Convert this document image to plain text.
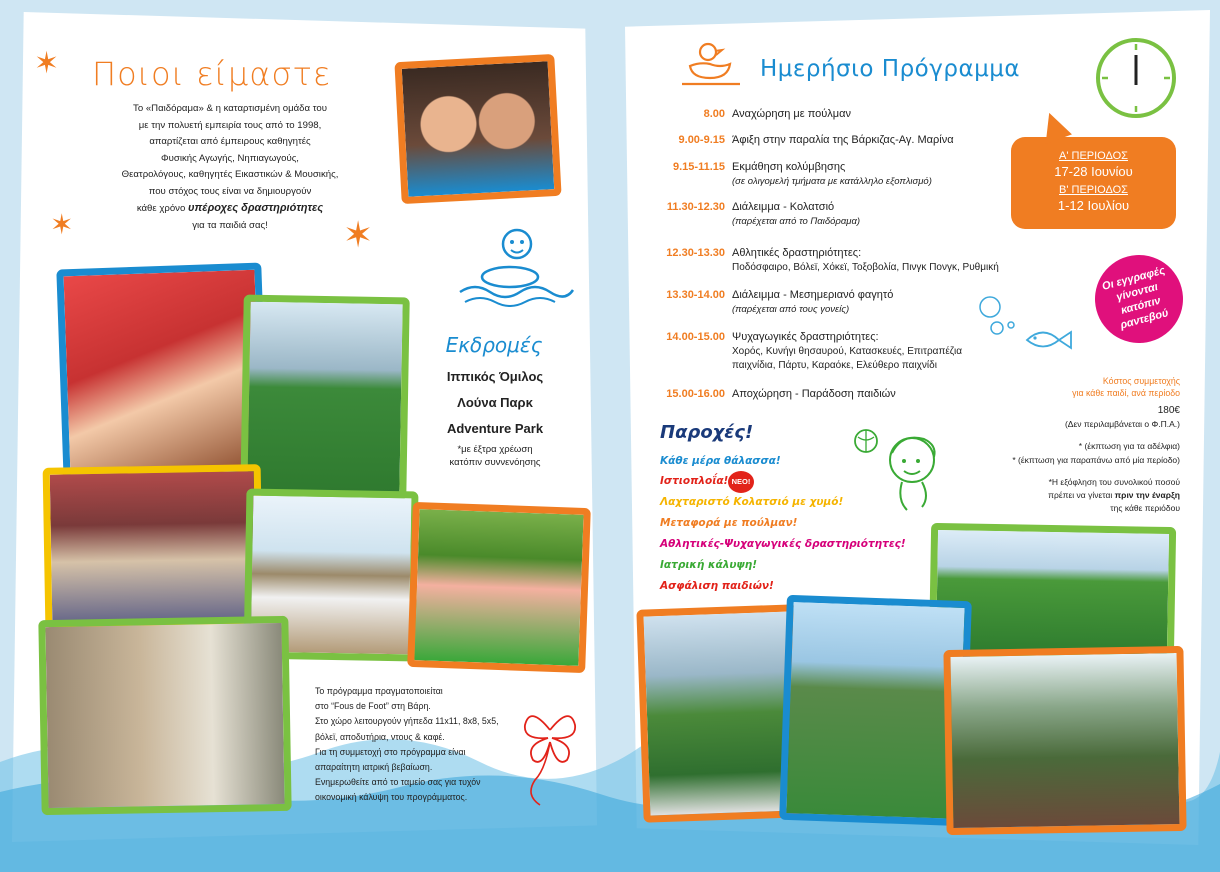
✶
✶	✶
Ποιοι είμαστε

Το «Παιδόραμα» & η καταρτισμένη ομάδα του

με την πολυετή εμπειρία τους από το 1998,

απαρτίζεται από έμπειρους καθηγητές

Φυσικής Αγωγής, Νηπιαγωγούς,

Θεατρολόγους, καθηγητές Εικαστικών & Μουσικής,

που στόχος τους είναι να δημιουργούν

κάθε χρόνο υπέροχες δραστηριότητες

για τα παιδιά σας!

Εκδρομές
Ιππικός Όμιλος
Λούνα Παρκ
Adventure Park
*με έξτρα χρέωση
κατόπιν συννενόησης

Το πρόγραμμα πραγματοποιείται

στο “Fous de Foot” στη Βάρη.

Στο χώρο λειτουργούν γήπεδα 11x11, 8x8, 5x5,

βόλεϊ, αποδυτήρια, ντους & καφέ.

Για τη συμμετοχή στο πρόγραμμα είναι

απαραίτητη ιατρική βεβαίωση.

Ενημερωθείτε από το ταμείο σας για τυχόν

οικονομική κάλυψη του προγράμματος.

Ημερήσιο Πρόγραμμα
8.00 Αναχώρηση με πούλμαν
9.00-9.15 Άφιξη στην παραλία της Βάρκιζας-Αγ. Μαρίνα
9.15-11.15 Εκμάθηση κολύμβησης
(σε ολιγομελή τμήματα με κατάλληλο εξοπλισμό)
11.30-12.30 Διάλειμμα - Κολατσιό
(παρέχεται από το Παιδόραμα)
12.30-13.30 Αθλητικές δραστηριότητες:
Ποδόσφαιρο, Βόλεϊ, Χόκεϊ, Τοξοβολία, Πινγκ Πονγκ, Ρυθμική
13.30-14.00 Διάλειμμα - Μεσημεριανό φαγητό
(παρέχεται από τους γονείς)
14.00-15.00 Ψυχαγωγικές δραστηριότητες:
Χορός, Κυνήγι θησαυρού, Κατασκευές, Επιτραπέζια
παιχνίδια, Πάρτυ, Καραόκε, Ελεύθερο παιχνίδι
15.00-16.00 Αποχώρηση - Παράδοση παιδιών
Α' ΠΕΡΙΟΔΟΣ
17-28 Ιουνίου
Β' ΠΕΡΙΟΔΟΣ
1-12 Ιουλίου
Οι εγγραφές γίνονται κατόπιν ραντεβού
Παροχές!
Κάθε μέρα θάλασσα!
Ιστιοπλοΐα! ΝΕΟ!
Λαχταριστό Κολατσιό με χυμό!
Μεταφορά με πούλμαν!
Αθλητικές-Ψυχαγωγικές δραστηριότητες!
Ιατρική κάλυψη!
Ασφάλιση παιδιών!
Κόστος συμμετοχής
για κάθε παιδί, ανά περίοδο
180€
(Δεν περιλαμβάνεται ο Φ.Π.Α.)
* (έκπτωση για τα αδέλφια)
* (έκπτωση για παραπάνω από μία περίοδο)
*Η εξόφληση του συνολικού ποσού
πρέπει να γίνεται πριν την έναρξη
της κάθε περιόδου
